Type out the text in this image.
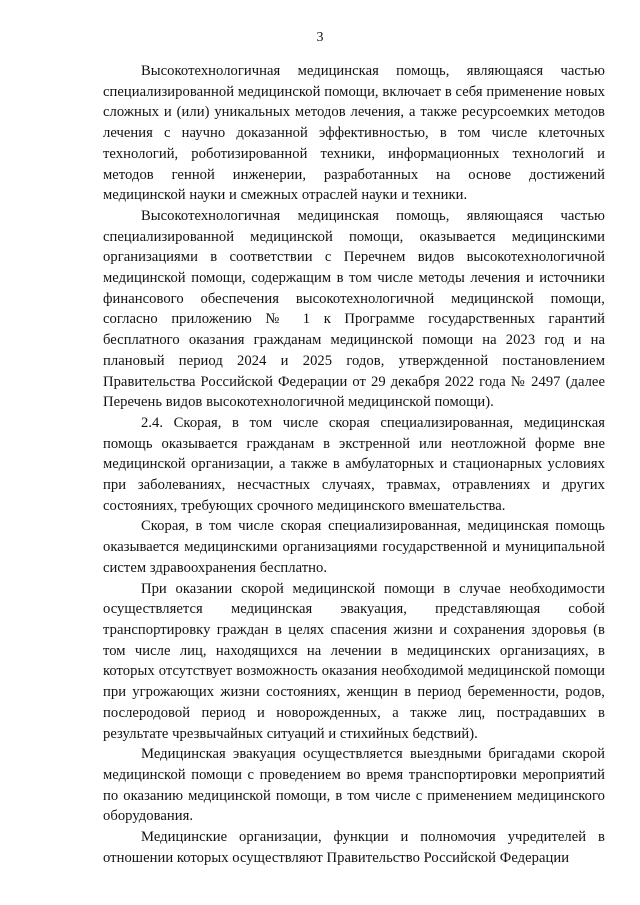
3

Высокотехнологичная медицинская помощь, являющаяся частью специализированной медицинской помощи, включает в себя применение новых сложных и (или) уникальных методов лечения, а также ресурсоемких методов лечения с научно доказанной эффективностью, в том числе клеточных технологий, роботизированной техники, информационных технологий и методов генной инженерии, разработанных на основе достижений медицинской науки и смежных отраслей науки и техники.

Высокотехнологичная медицинская помощь, являющаяся частью специализированной медицинской помощи, оказывается медицинскими организациями в соответствии с Перечнем видов высокотехнологичной медицинской помощи, содержащим в том числе методы лечения и источники финансового обеспечения высокотехнологичной медицинской помощи, согласно приложению № 1 к Программе государственных гарантий бесплатного оказания гражданам медицинской помощи на 2023 год и на плановый период 2024 и 2025 годов, утвержденной постановлением Правительства Российской Федерации от 29 декабря 2022 года № 2497 (далее Перечень видов высокотехнологичной медицинской помощи).

2.4. Скорая, в том числе скорая специализированная, медицинская помощь оказывается гражданам в экстренной или неотложной форме вне медицинской организации, а также в амбулаторных и стационарных условиях при заболеваниях, несчастных случаях, травмах, отравлениях и других состояниях, требующих срочного медицинского вмешательства.

Скорая, в том числе скорая специализированная, медицинская помощь оказывается медицинскими организациями государственной и муниципальной систем здравоохранения бесплатно.

При оказании скорой медицинской помощи в случае необходимости осуществляется медицинская эвакуация, представляющая собой транспортировку граждан в целях спасения жизни и сохранения здоровья (в том числе лиц, находящихся на лечении в медицинских организациях, в которых отсутствует возможность оказания необходимой медицинской помощи при угрожающих жизни состояниях, женщин в период беременности, родов, послеродовой период и новорожденных, а также лиц, пострадавших в результате чрезвычайных ситуаций и стихийных бедствий).

Медицинская эвакуация осуществляется выездными бригадами скорой медицинской помощи с проведением во время транспортировки мероприятий по оказанию медицинской помощи, в том числе с применением медицинского оборудования.

Медицинские организации, функции и полномочия учредителей в отношении которых осуществляют Правительство Российской Федерации
